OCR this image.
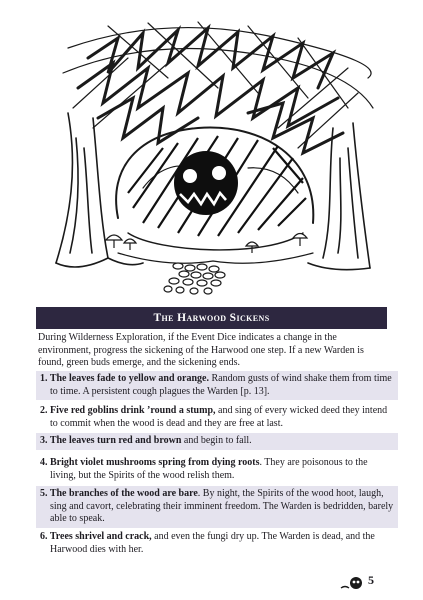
The Harwood Sickens

During Wilderness Exploration, if the Event Dice indicates a change in the environment, progress the sickening of the Harwood one step. If a new Warden is found, green buds emerge, and the sickening ends.

1. The leaves fade to yellow and orange. Random gusts of wind shake them from time to time. A persistent cough plagues the Warden [p. 13].
2. Five red goblins drink ’round a stump, and sing of every wicked deed they intend to commit when the wood is dead and they are free at last.
3. The leaves turn red and brown and begin to fall.
4. Bright violet mushrooms spring from dying roots. They are poisonous to the living, but the Spirits of the wood relish them.
5. The branches of the wood are bare. By night, the Spirits of the wood hoot, laugh, sing and cavort, celebrating their imminent freedom. The Warden is bedridden, barely able to speak.
6. Trees shrivel and crack, and even the fungi dry up. The Warden is dead, and the Harwood dies with her.
5
